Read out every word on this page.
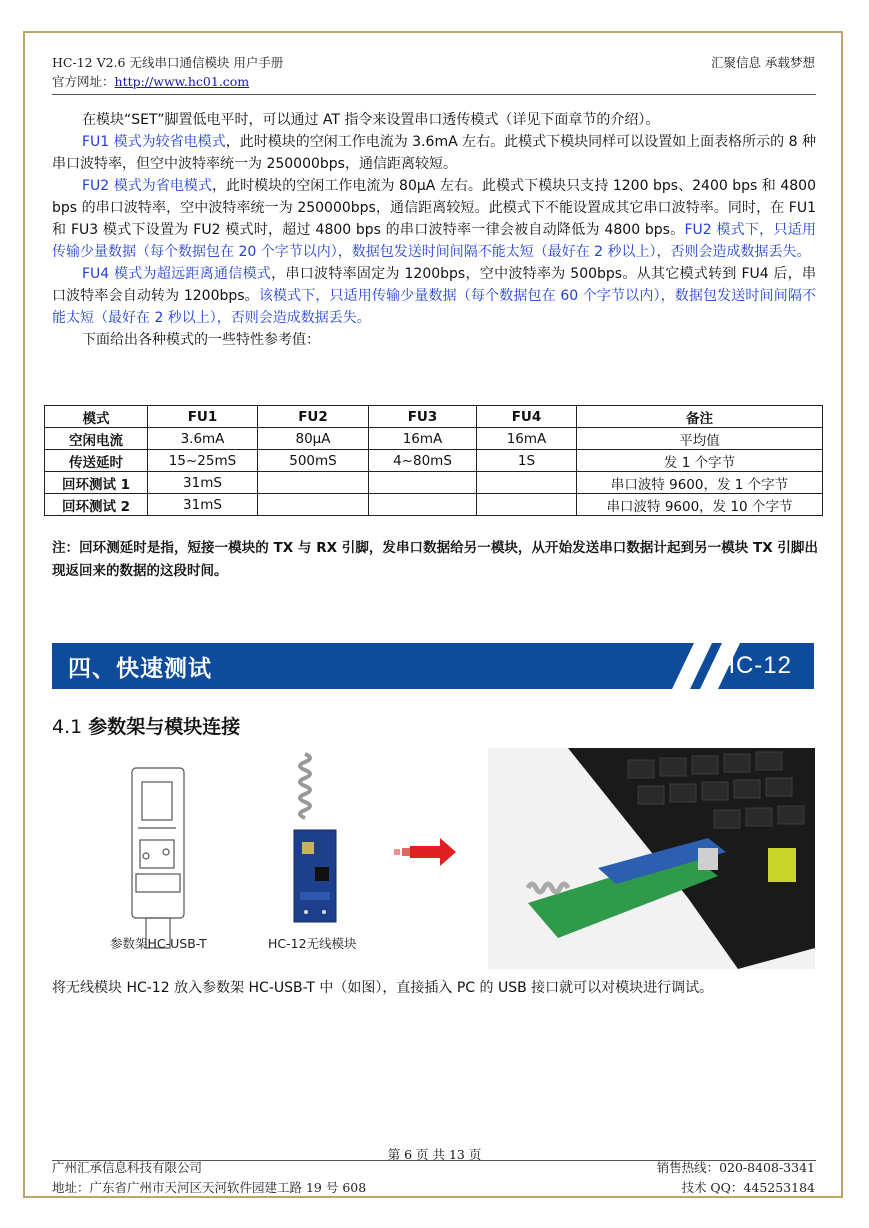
HC-12 V2.6 无线串口通信模块 用户手册
官方网址：http://www.hc01.com
汇聚信息 承载梦想

在模块“SET”脚置低电平时，可以通过 AT 指令来设置串口透传模式（详见下面章节的介绍）。

FU1 模式为较省电模式，此时模块的空闲工作电流为 3.6mA 左右。此模式下模块同样可以设置如上面表格所示的 8 种串口波特率，但空中波特率统一为 250000bps，通信距离较短。

FU2 模式为省电模式，此时模块的空闲工作电流为 80μA 左右。此模式下模块只支持 1200 bps、2400 bps 和 4800 bps 的串口波特率，空中波特率统一为 250000bps，通信距离较短。此模式下不能设置成其它串口波特率。同时，在 FU1 和 FU3 模式下设置为 FU2 模式时，超过 4800 bps 的串口波特率一律会被自动降低为 4800 bps。FU2 模式下，只适用传输少量数据（每个数据包在 20 个字节以内），数据包发送时间间隔不能太短（最好在 2 秒以上），否则会造成数据丢失。

FU4 模式为超远距离通信模式，串口波特率固定为 1200bps，空中波特率为 500bps。从其它模式转到 FU4 后，串口波特率会自动转为 1200bps。该模式下，只适用传输少量数据（每个数据包在 60 个字节以内），数据包发送时间间隔不能太短（最好在 2 秒以上），否则会造成数据丢失。

下面给出各种模式的一些特性参考值：

模式	FU1	FU2	FU3	FU4	备注
空闲电流	3.6mA	80μA	16mA	16mA	平均值
传送延时	15~25mS	500mS	4~80mS	1S	发 1 个字节
回环测试 1	31mS				串口波特 9600，发 1 个字节
回环测试 2	31mS				串口波特 9600，发 10 个字节
注：回环测延时是指，短接一模块的 TX 与 RX 引脚，发串口数据给另一模块，从开始发送串口数据计起到另一模块 TX 引脚出现返回来的数据的这段时间。
四、快速测试	HC-12
4.1 参数架与模块连接
参数架HC-USB-T	HC-12无线模块
将无线模块 HC-12 放入参数架 HC-USB-T 中（如图），直接插入 PC 的 USB 接口就可以对模块进行调试。
第 6 页 共 13 页
广州汇承信息科技有限公司
地址：广东省广州市天河区天河软件园建工路 19 号 608
销售热线：020-8408-3341
技术 QQ：445253184
